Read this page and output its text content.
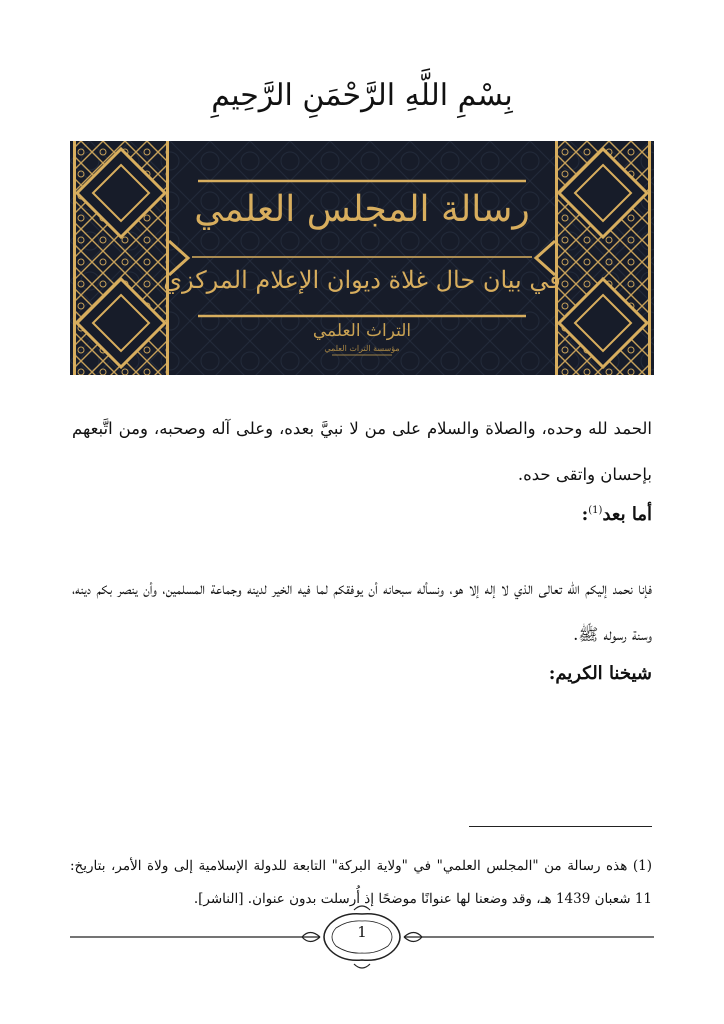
بِسْمِ اللَّهِ الرَّحْمَنِ الرَّحِيمِ
رسالة المجلس العلمي
في بيان حال غلاة ديوان الإعلام المركزي
التراث العلمي
مؤسسة التراث العلمي

الحمد لله وحده، والصلاة والسلام على من لا نبيَّ بعده، وعلى آله وصحبه، ومن اتَّبعهم بإحسان واتقى حده.

أما بعد$^{(1)}$:

فإنا نحمد إليكم الله تعالى الذي لا إله إلا هو، ونسأله سبحانه أن يوفقكم لما فيه الخير لدينه وجماعة المسلمين، وأن ينصر بكم دينه، وسنة رسوله ﷺ.

شيخنا الكريم:

(1) هذه رسالة من "المجلس العلمي" في "ولاية البركة" التابعة للدولة الإسلامية إلى ولاة الأمر، بتاريخ: 11 شعبان 1439 هـ، وقد وضعنا لها عنوانًا موضحًا إذ أُرسلت بدون عنوان. [الناشر].

1
